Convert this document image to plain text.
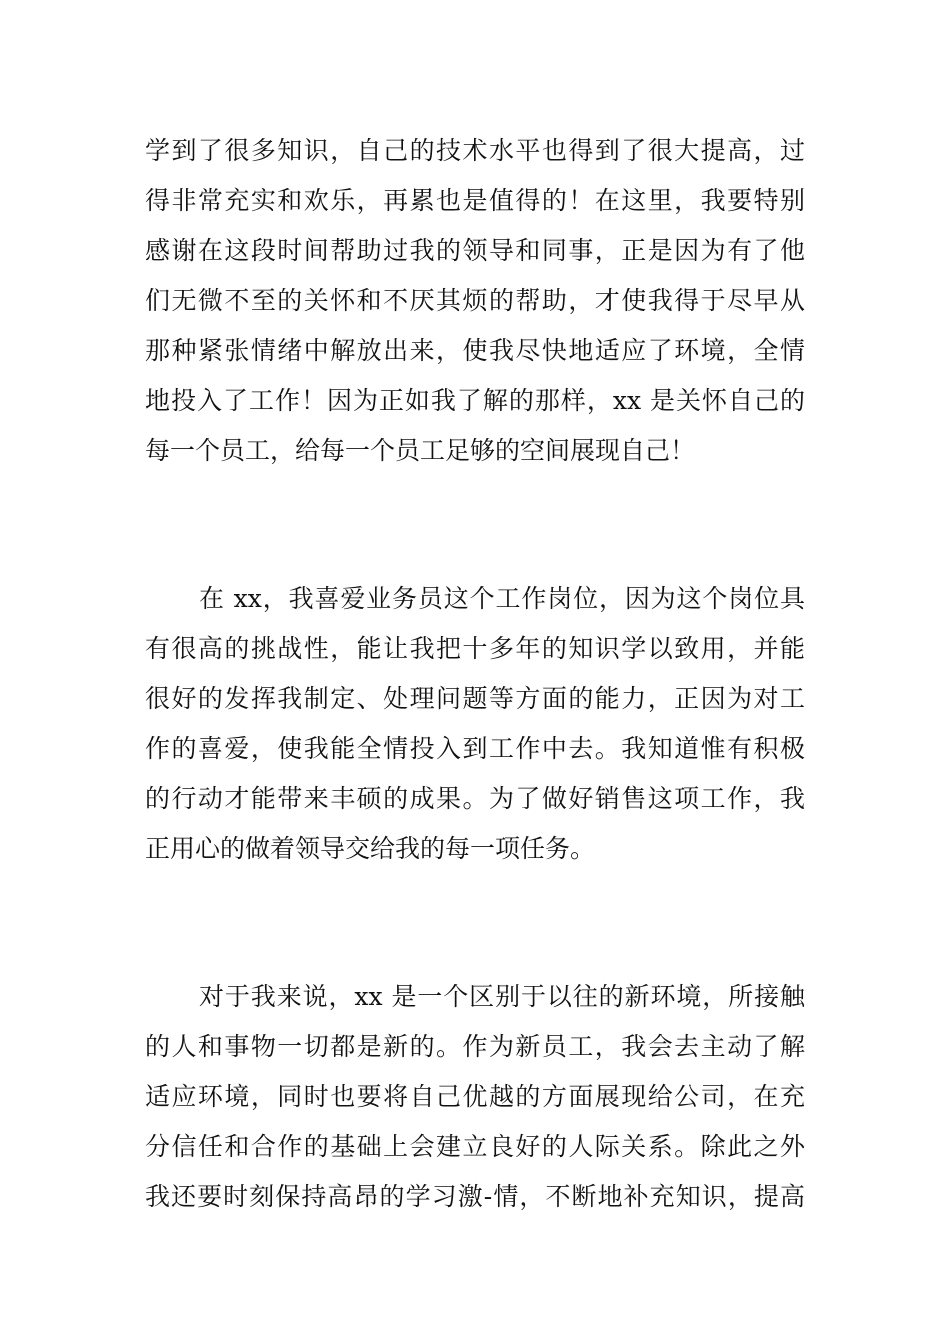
学到了很多知识，自己的技术水平也得到了很大提高，过
得非常充实和欢乐，再累也是值得的！在这里，我要特别
感谢在这段时间帮助过我的领导和同事，正是因为有了他
们无微不至的关怀和不厌其烦的帮助，才使我得于尽早从
那种紧张情绪中解放出来，使我尽快地适应了环境，全情
地投入了工作！因为正如我了解的那样，xx 是关怀自己的
每一个员工，给每一个员工足够的空间展现自己！

在 xx，我喜爱业务员这个工作岗位，因为这个岗位具
有很高的挑战性，能让我把十多年的知识学以致用，并能
很好的发挥我制定、处理问题等方面的能力，正因为对工
作的喜爱，使我能全情投入到工作中去。我知道惟有积极
的行动才能带来丰硕的成果。为了做好销售这项工作，我
正用心的做着领导交给我的每一项任务。

对于我来说，xx 是一个区别于以往的新环境，所接触
的人和事物一切都是新的。作为新员工，我会去主动了解
适应环境，同时也要将自己优越的方面展现给公司，在充
分信任和合作的基础上会建立良好的人际关系。除此之外
我还要时刻保持高昂的学习激-情，不断地补充知识，提高
